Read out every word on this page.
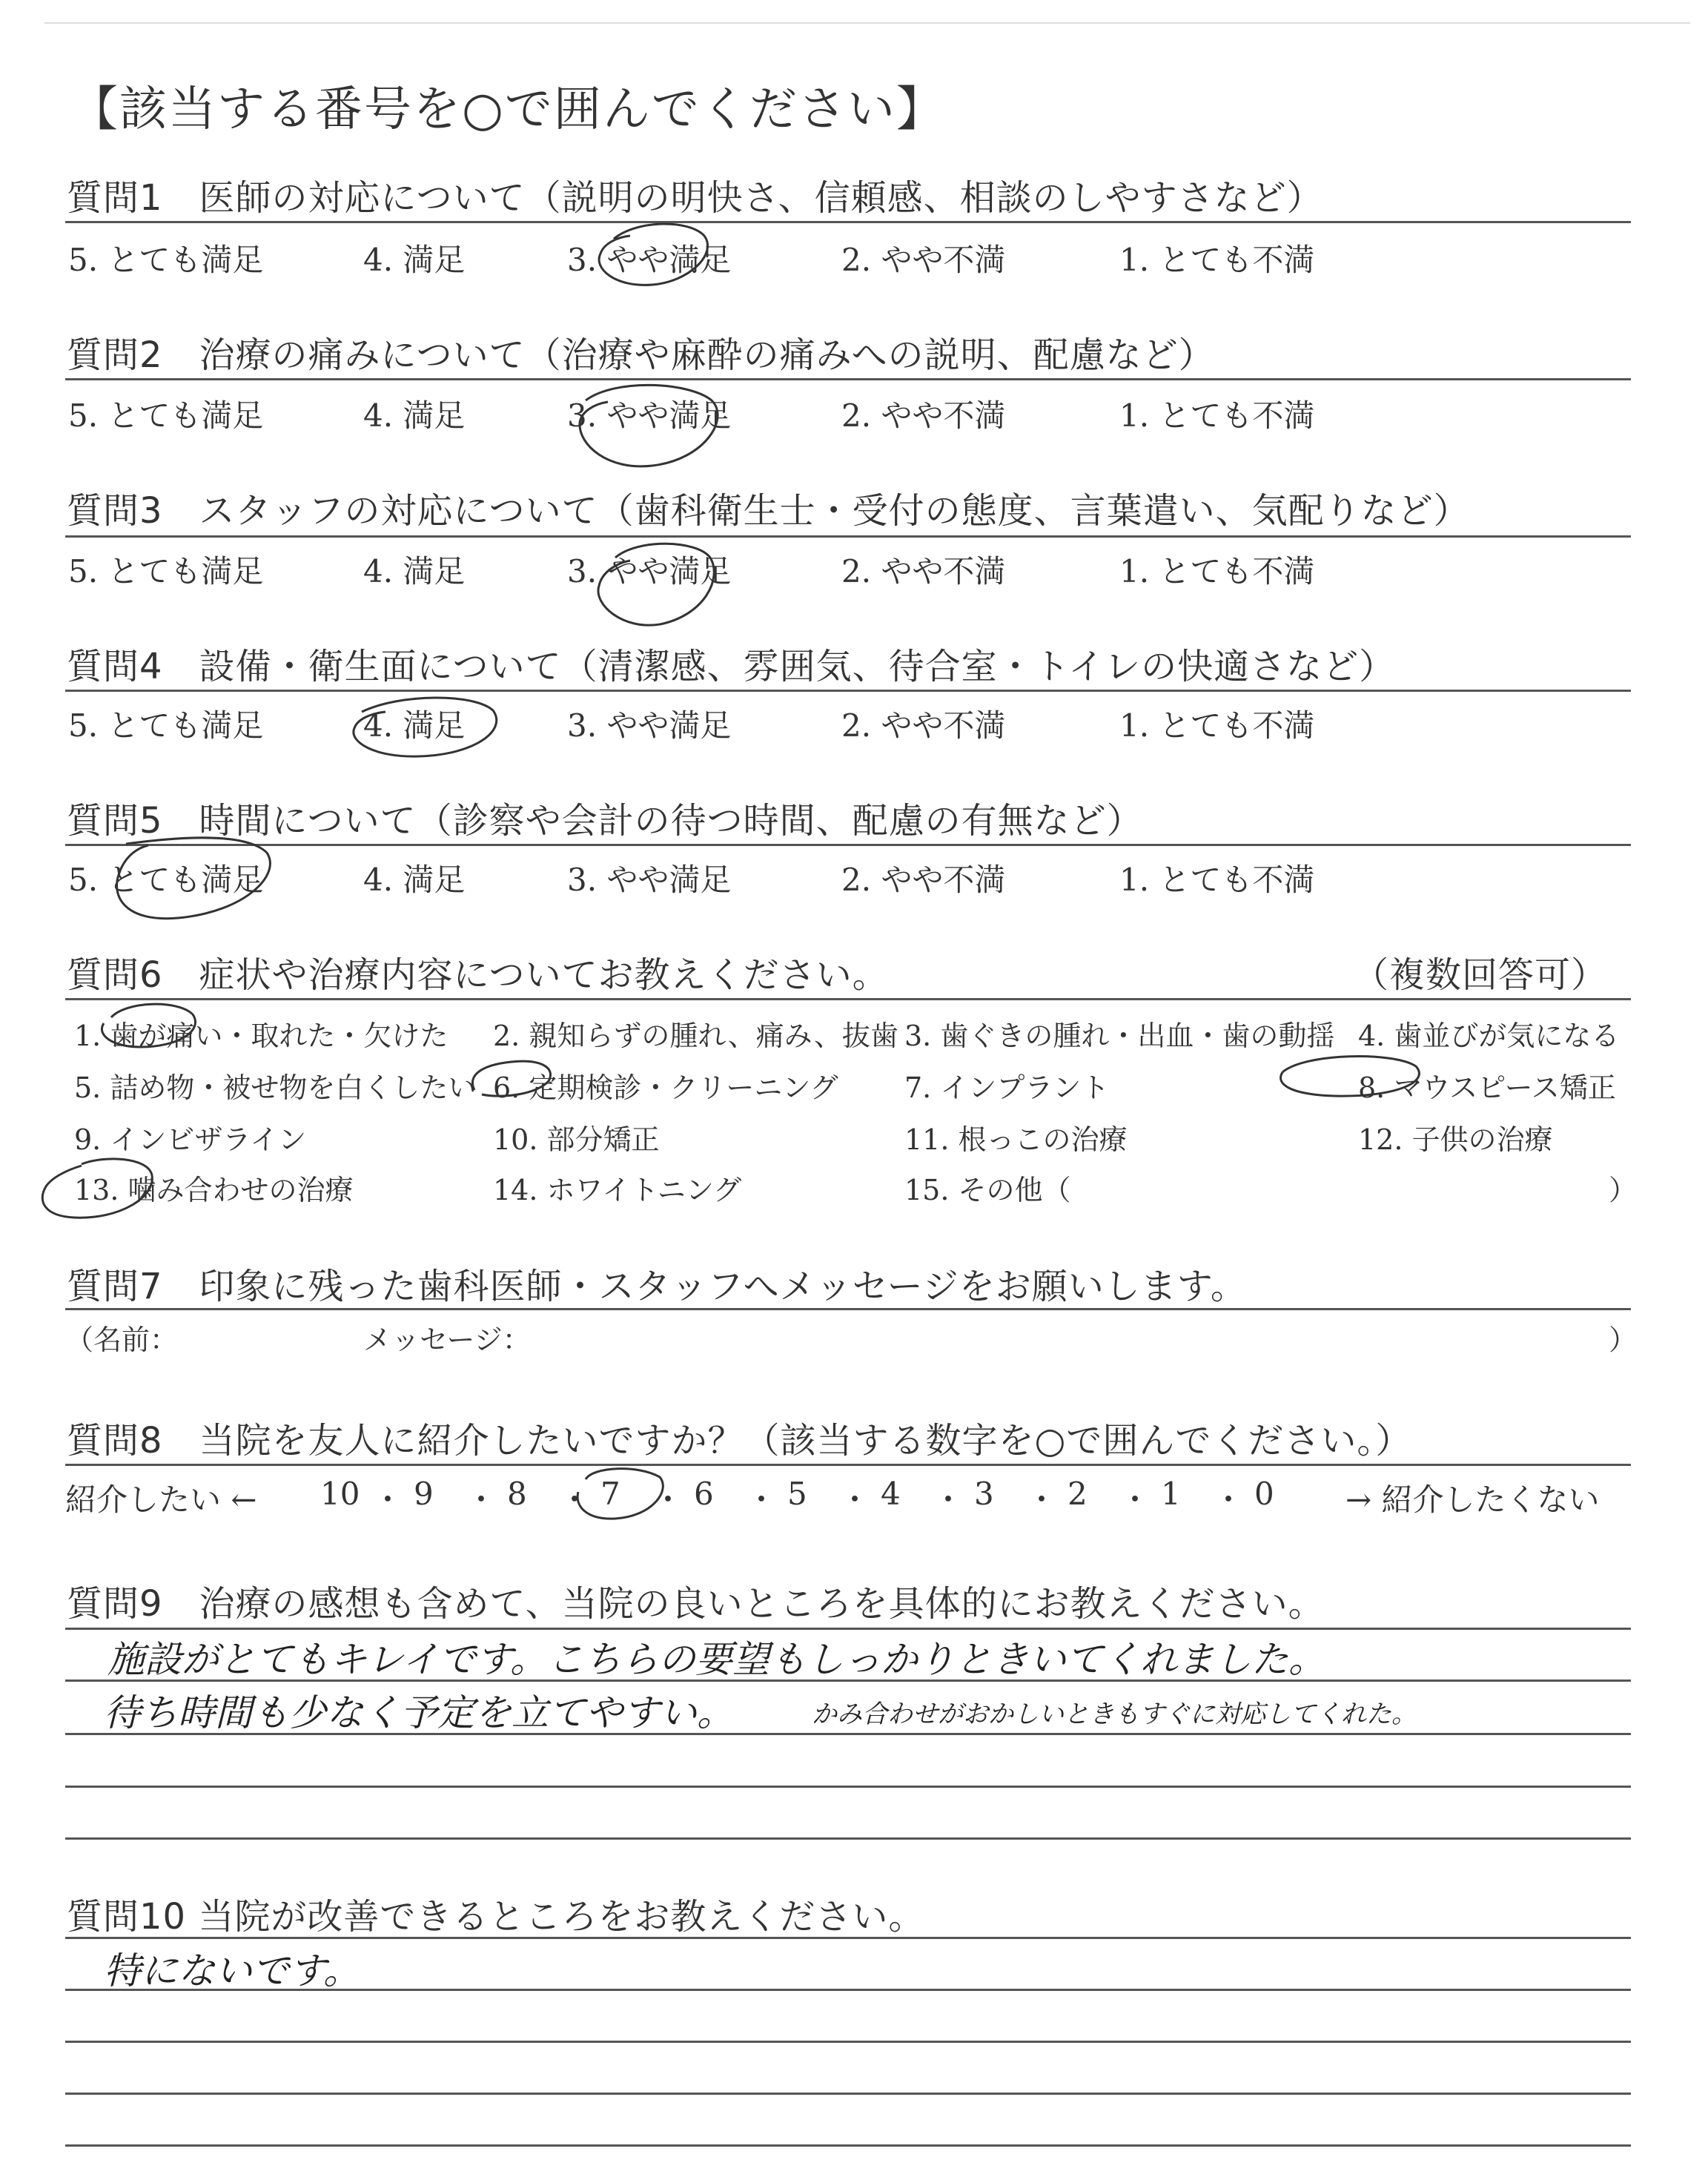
【該当する番号を○で囲んでください】
質問1　医師の対応について（説明の明快さ、信頼感、相談のしやすさなど）
5. とても満足	4. 満足	3. やや満足	2. やや不満	1. とても不満
質問2　治療の痛みについて（治療や麻酔の痛みへの説明、配慮など）
5. とても満足	4. 満足	3. やや満足	2. やや不満	1. とても不満
質問3　スタッフの対応について（歯科衛生士・受付の態度、言葉遣い、気配りなど）
5. とても満足	4. 満足	3. やや満足	2. やや不満	1. とても不満
質問4　設備・衛生面について（清潔感、雰囲気、待合室・トイレの快適さなど）
5. とても満足	4. 満足	3. やや満足	2. やや不満	1. とても不満
質問5　時間について（診察や会計の待つ時間、配慮の有無など）
5. とても満足	4. 満足	3. やや満足	2. やや不満	1. とても不満
質問6　症状や治療内容についてお教えください。	（複数回答可）
1. 歯が痛い・取れた・欠けた 2. 親知らずの腫れ、痛み、抜歯 3. 歯ぐきの腫れ・出血・歯の動揺 4. 歯並びが気になる
5. 詰め物・被せ物を白くしたい 6. 定期検診・クリーニング 7. インプラント	8. マウスピース矯正
9. インビザライン	10. 部分矯正	11. 根っこの治療	12. 子供の治療
13. 噛み合わせの治療	14. ホワイトニング	15. その他（	）
質問7　印象に残った歯科医師・スタッフへメッセージをお願いします。
（名前：	メッセージ：	）
質問8　当院を友人に紹介したいですか？（該当する数字を○で囲んでください。）
紹介したい ←	→ 紹介したくない
10 ・ 9 ・ 8 ・ 7 ・ 6 ・ 5 ・ 4 ・ 3 ・ 2 ・ 1 ・ 0
質問9　治療の感想も含めて、当院の良いところを具体的にお教えください。
施設がとてもキレイです。こちらの要望もしっかりときいてくれました。
待ち時間も少なく予定を立てやすい。	かみ合わせがおかしいときもすぐに対応してくれた。
質問10 当院が改善できるところをお教えください。
特にないです。
